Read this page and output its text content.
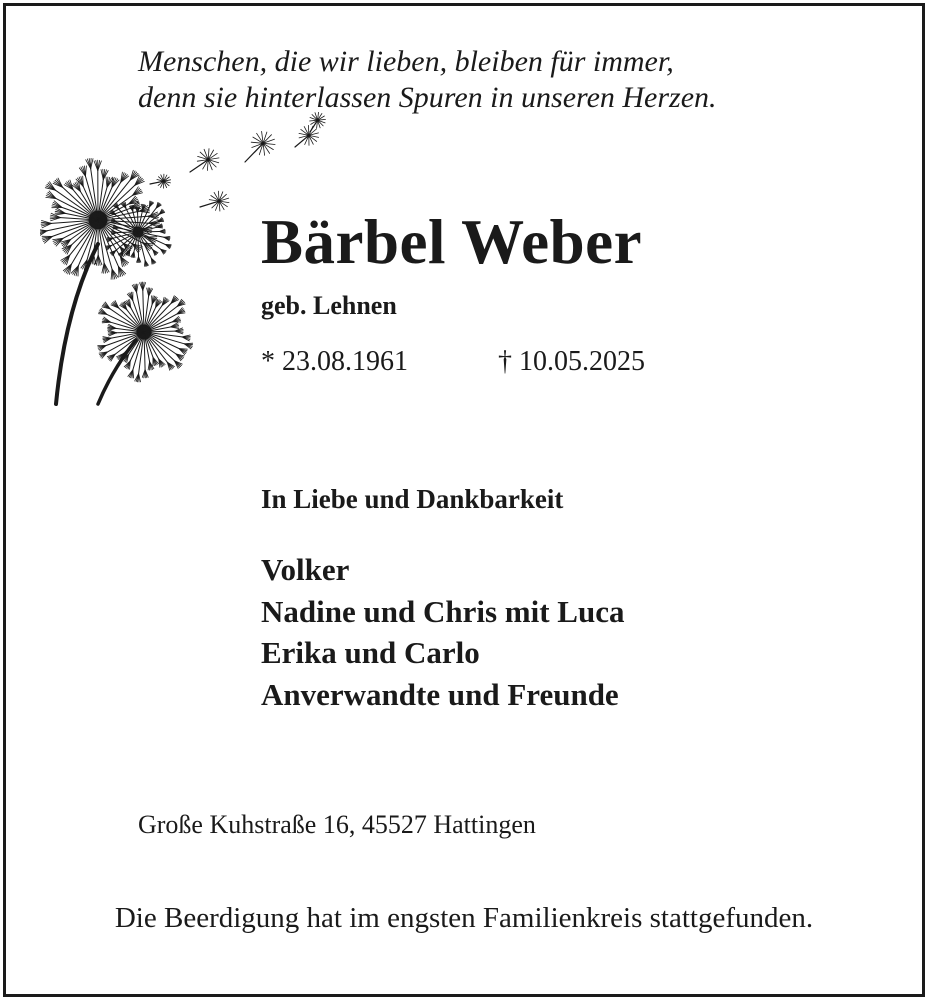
Menschen, die wir lieben, bleiben für immer,
denn sie hinterlassen Spuren in unseren Herzen.
Bärbel Weber
geb. Lehnen
* 23.08.1961	† 10.05.2025
In Liebe und Dankbarkeit
Volker
Nadine und Chris mit Luca
Erika und Carlo
Anverwandte und Freunde
Große Kuhstraße 16, 45527 Hattingen
Die Beerdigung hat im engsten Familienkreis stattgefunden.
